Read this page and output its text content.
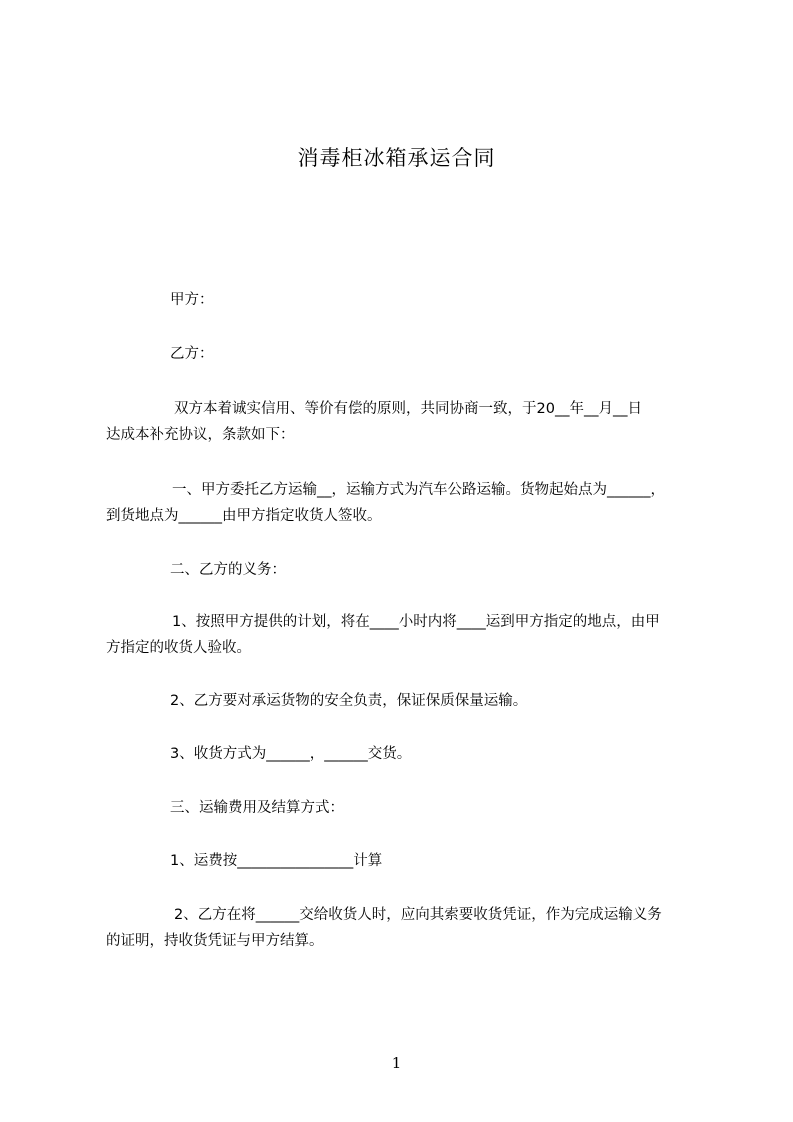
消毒柜冰箱承运合同
甲方：
乙方：
双方本着诚实信用、等价有偿的原则，共同协商一致，于20__年__月__日
达成本补充协议，条款如下：
一、甲方委托乙方运输__，运输方式为汽车公路运输。货物起始点为______，
到货地点为______由甲方指定收货人签收。
二、乙方的义务：
1、按照甲方提供的计划，将在____小时内将____运到甲方指定的地点，由甲
方指定的收货人验收。
2、乙方要对承运货物的安全负责，保证保质保量运输。
3、收货方式为______，______交货。
三、运输费用及结算方式：
1、运费按________________计算
2、乙方在将______交给收货人时，应向其索要收货凭证，作为完成运输义务
的证明，持收货凭证与甲方结算。
1
